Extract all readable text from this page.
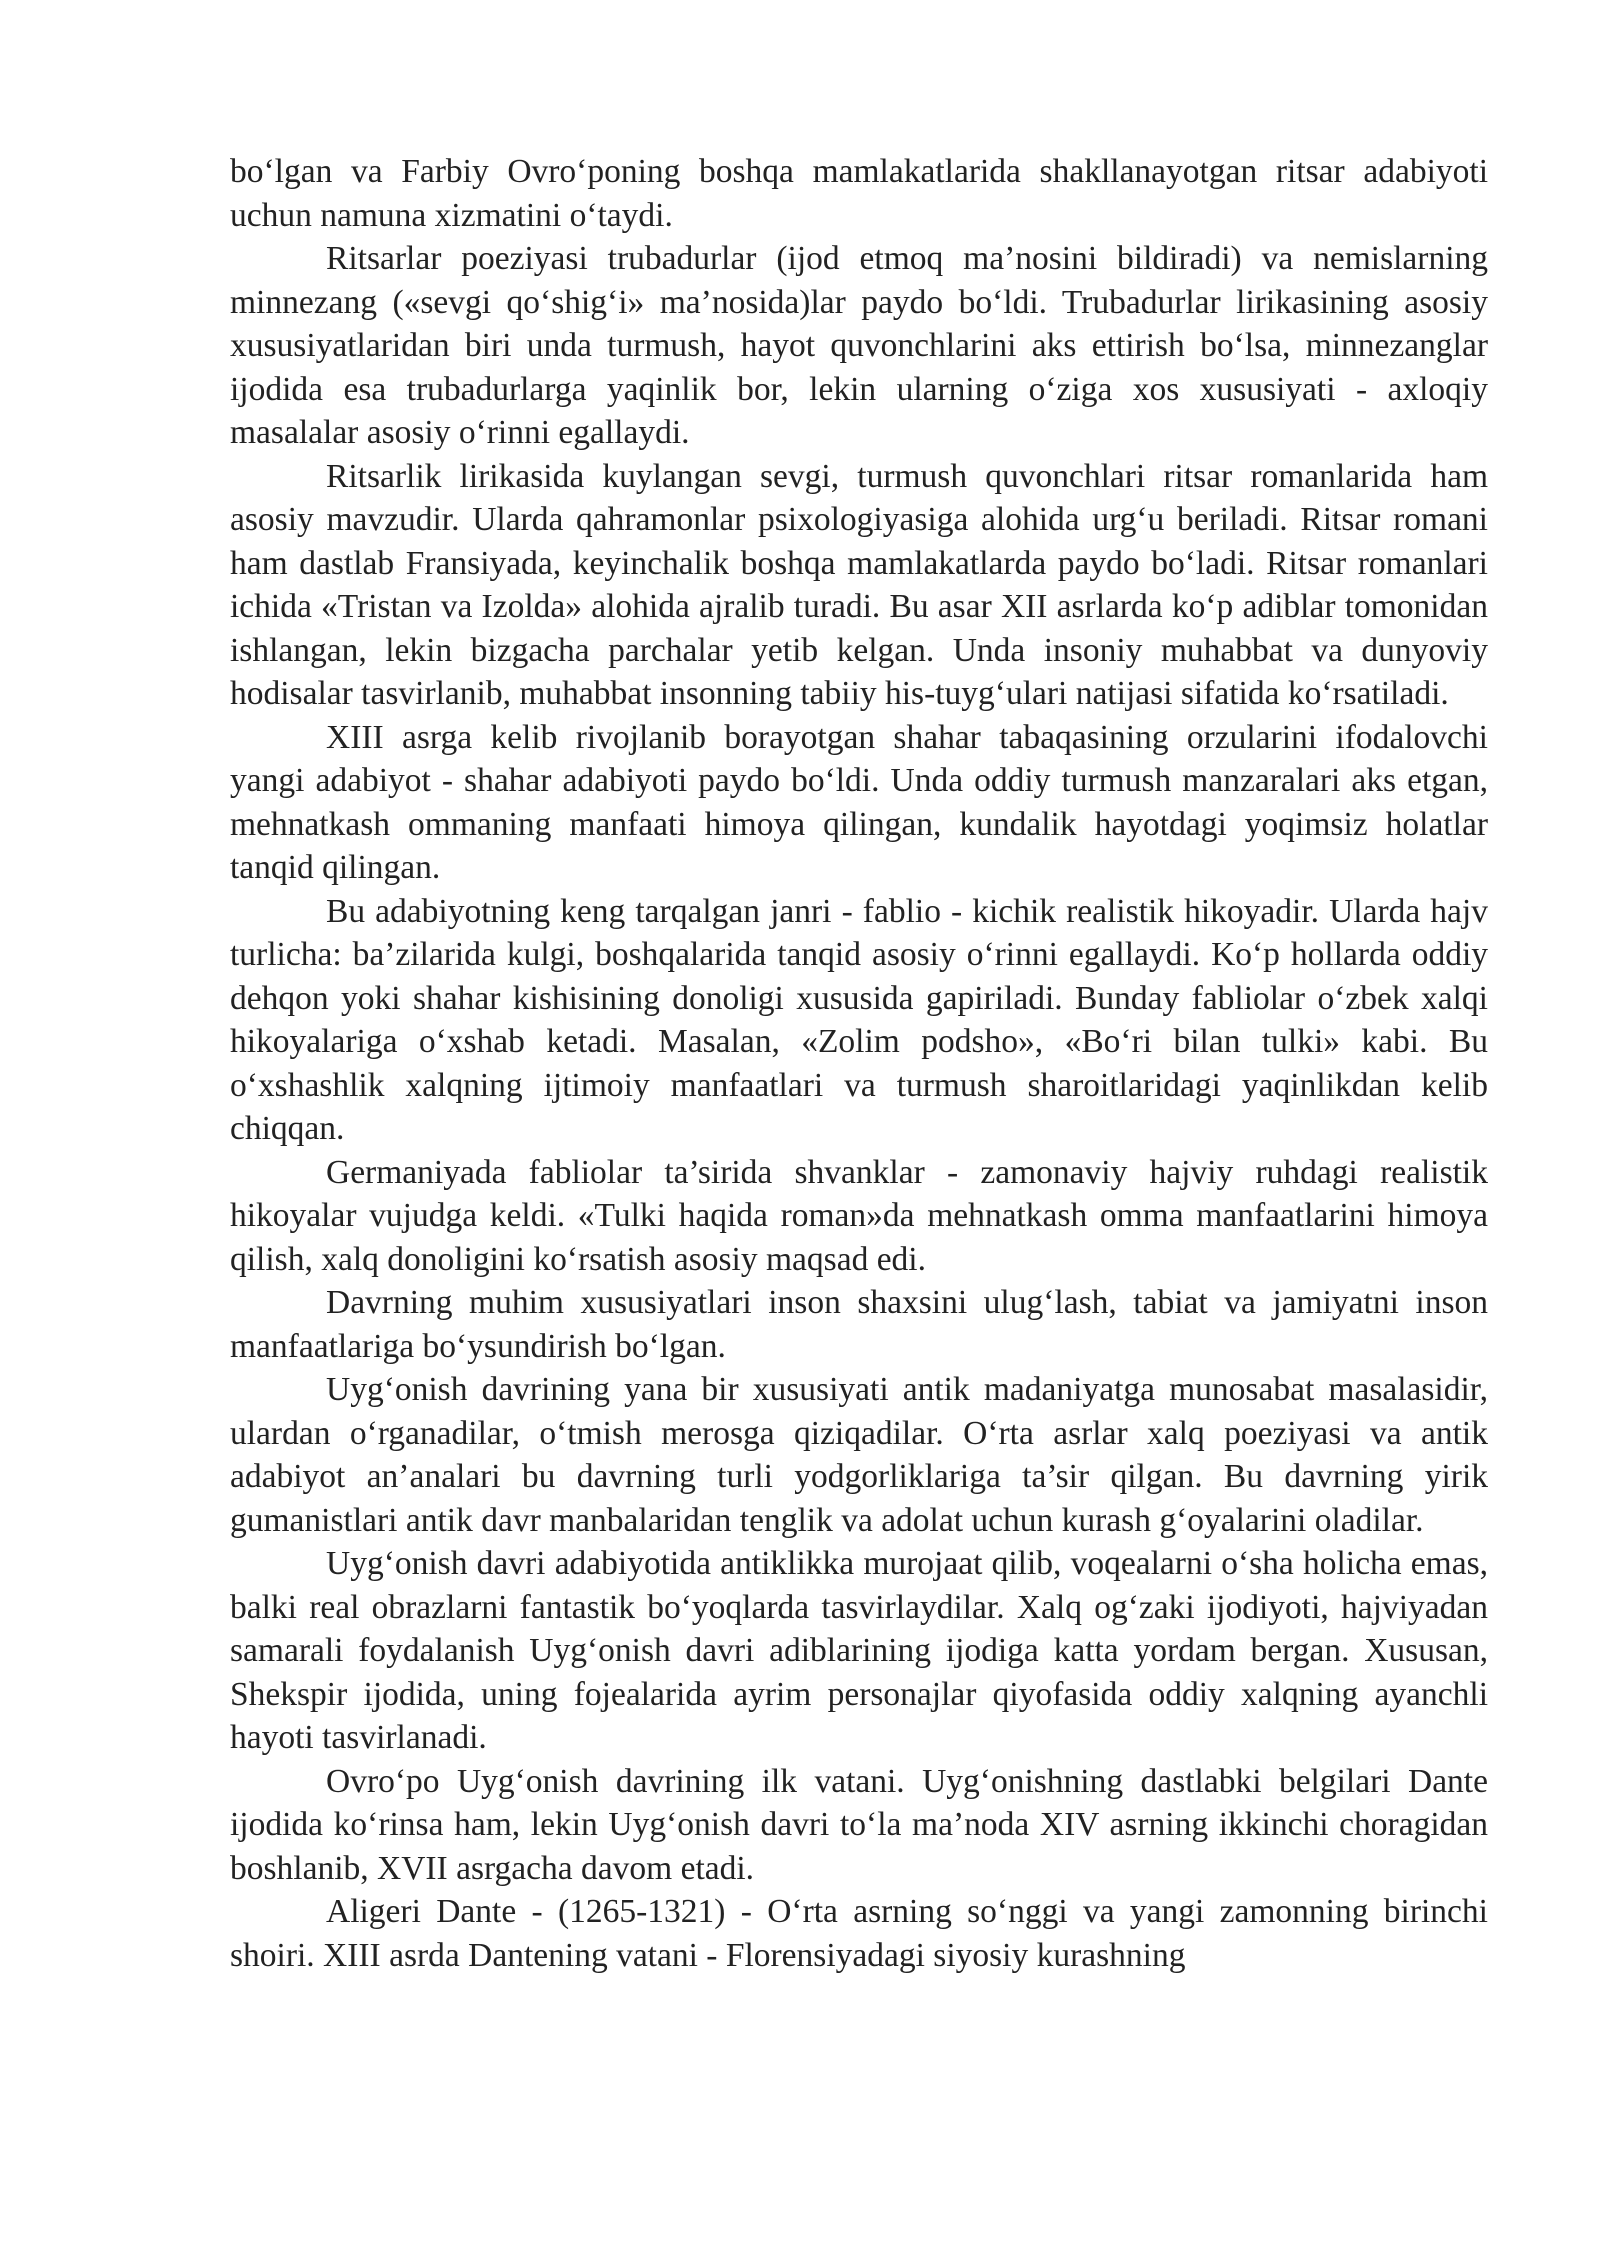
bo‘lgan va Farbiy Ovro‘poning boshqa mamlakatlarida shakllanayotgan ritsar adabiyoti uchun namuna xizmatini o‘taydi.

Ritsarlar poeziyasi trubadurlar (ijod etmoq ma’nosini bildiradi) va nemislarning minnezang («sevgi qo‘shig‘i» ma’nosida)lar paydo bo‘ldi. Trubadurlar lirikasining asosiy xususiyatlaridan biri unda turmush, hayot quvonchlarini aks ettirish bo‘lsa, minnezanglar ijodida esa trubadurlarga yaqinlik bor, lekin ularning o‘ziga xos xususiyati - axloqiy masalalar asosiy o‘rinni egallaydi.

Ritsarlik lirikasida kuylangan sevgi, turmush quvonchlari ritsar romanlarida ham asosiy mavzudir. Ularda qahramonlar psixologiyasiga alohida urg‘u beriladi. Ritsar romani ham dastlab Fransiyada, keyinchalik boshqa mamlakatlarda paydo bo‘ladi. Ritsar romanlari ichida «Tristan va Izolda» alohida ajralib turadi. Bu asar XII asrlarda ko‘p adiblar tomonidan ishlangan, lekin bizgacha parchalar yetib kelgan. Unda insoniy muhabbat va dunyoviy hodisalar tasvirlanib, muhabbat insonning tabiiy his-tuyg‘ulari natijasi sifatida ko‘rsatiladi.

XIII asrga kelib rivojlanib borayotgan shahar tabaqasining orzularini ifodalovchi yangi adabiyot - shahar adabiyoti paydo bo‘ldi. Unda oddiy turmush manzaralari aks etgan, mehnatkash ommaning manfaati himoya qilingan, kundalik hayotdagi yoqimsiz holatlar tanqid qilingan.

Bu adabiyotning keng tarqalgan janri - fablio - kichik realistik hikoyadir. Ularda hajv turlicha: ba’zilarida kulgi, boshqalarida tanqid asosiy o‘rinni egallaydi. Ko‘p hollarda oddiy dehqon yoki shahar kishisining donoligi xususida gapiriladi. Bunday fabliolar o‘zbek xalqi hikoyalariga o‘xshab ketadi. Masalan, «Zolim podsho», «Bo‘ri bilan tulki» kabi. Bu o‘xshashlik xalqning ijtimoiy manfaatlari va turmush sharoitlaridagi yaqinlikdan kelib chiqqan.

Germaniyada fabliolar ta’sirida shvanklar - zamonaviy hajviy ruhdagi realistik hikoyalar vujudga keldi. «Tulki haqida roman»da mehnatkash omma manfaatlarini himoya qilish, xalq donoligini ko‘rsatish asosiy maqsad edi.

Davrning muhim xususiyatlari inson shaxsini ulug‘lash, tabiat va jamiyatni inson manfaatlariga bo‘ysundirish bo‘lgan.

Uyg‘onish davrining yana bir xususiyati antik madaniyatga munosabat masalasidir, ulardan o‘rganadilar, o‘tmish merosga qiziqadilar. O‘rta asrlar xalq poeziyasi va antik adabiyot an’analari bu davrning turli yodgorliklariga ta’sir qilgan. Bu davrning yirik gumanistlari antik davr manbalaridan tenglik va adolat uchun kurash g‘oyalarini oladilar.

Uyg‘onish davri adabiyotida antiklikka murojaat qilib, voqealarni o‘sha holicha emas, balki real obrazlarni fantastik bo‘yoqlarda tasvirlaydilar. Xalq og‘zaki ijodiyoti, hajviyadan samarali foydalanish Uyg‘onish davri adiblarining ijodiga katta yordam bergan. Xususan, Shekspir ijodida, uning fojealarida ayrim personajlar qiyofasida oddiy xalqning ayanchli hayoti tasvirlanadi.

Ovro‘po Uyg‘onish davrining ilk vatani. Uyg‘onishning dastlabki belgilari Dante ijodida ko‘rinsa ham, lekin Uyg‘onish davri to‘la ma’noda XIV asrning ikkinchi choragidan boshlanib, XVII asrgacha davom etadi.

Aligeri Dante - (1265-1321) - O‘rta asrning so‘nggi va yangi zamonning birinchi shoiri. XIII asrda Dantening vatani - Florensiyadagi siyosiy kurashning
